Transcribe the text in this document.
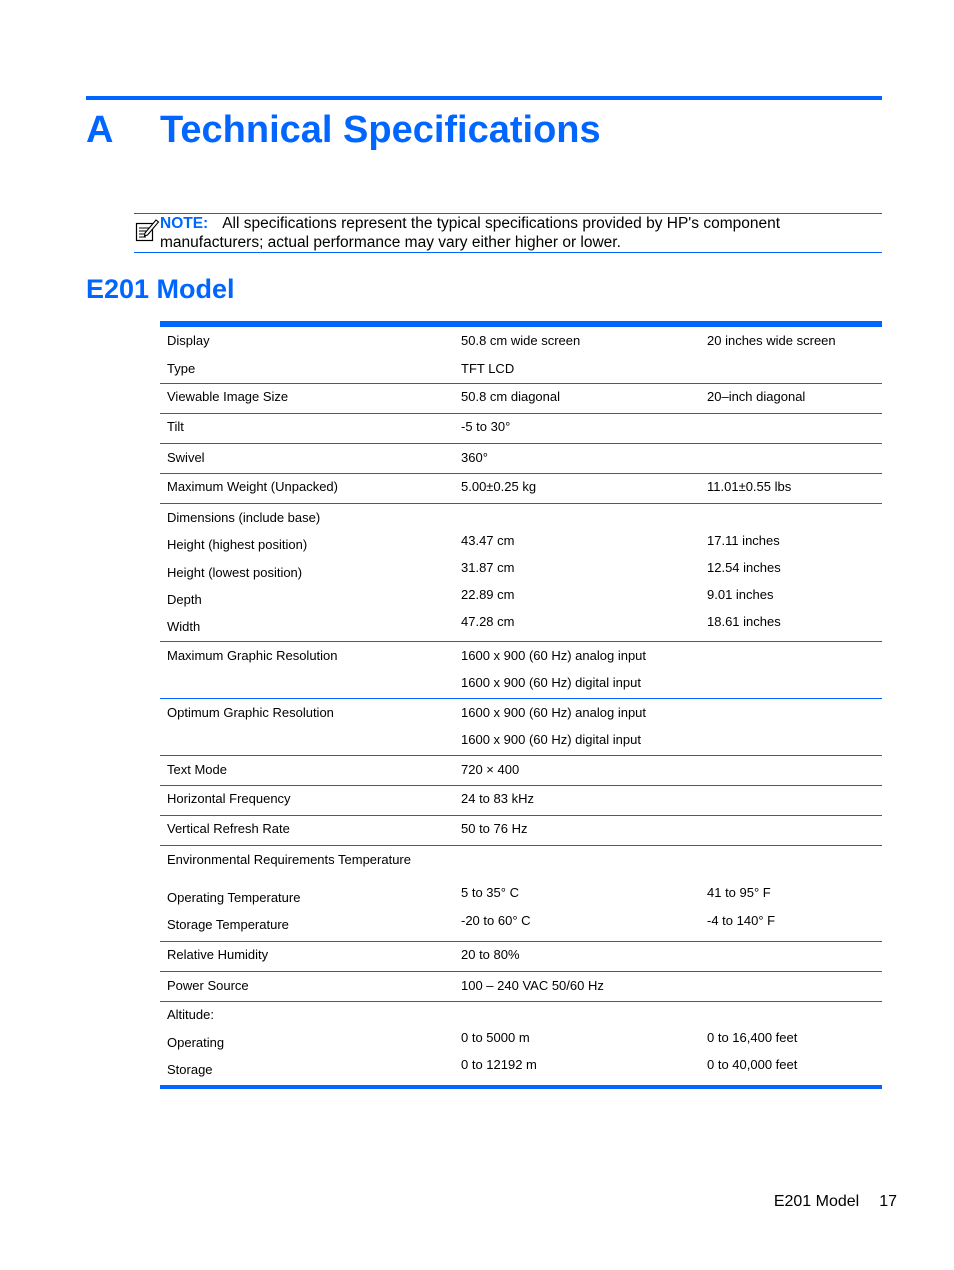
A Technical Specifications
NOTE: All specifications represent the typical specifications provided by HP's component
manufacturers; actual performance may vary either higher or lower.
E201 Model
Display	50.8 cm wide screen	20 inches wide screen
Type	TFT LCD
Viewable Image Size	50.8 cm diagonal	20–inch diagonal
Tilt	-5 to 30°
Swivel	360°
Maximum Weight (Unpacked)	5.00±0.25 kg	11.01±0.55 lbs
Dimensions (include base)
Height (highest position)	43.47 cm	17.11 inches
Height (lowest position)	31.87 cm	12.54 inches
Depth	22.89 cm	9.01 inches
Width	47.28 cm	18.61 inches
Maximum Graphic Resolution	1600 x 900 (60 Hz) analog input
1600 x 900 (60 Hz) digital input
Optimum Graphic Resolution	1600 x 900 (60 Hz) analog input
1600 x 900 (60 Hz) digital input
Text Mode	720 × 400
Horizontal Frequency	24 to 83 kHz
Vertical Refresh Rate	50 to 76 Hz
Environmental Requirements Temperature
Operating Temperature	5 to 35° C	41 to 95° F
Storage Temperature	-20 to 60° C	-4 to 140° F
Relative Humidity	20 to 80%
Power Source	100 – 240 VAC 50/60 Hz
Altitude:
Operating	0 to 5000 m	0 to 16,400 feet
Storage	0 to 12192 m	0 to 40,000 feet
E201 Model 17
